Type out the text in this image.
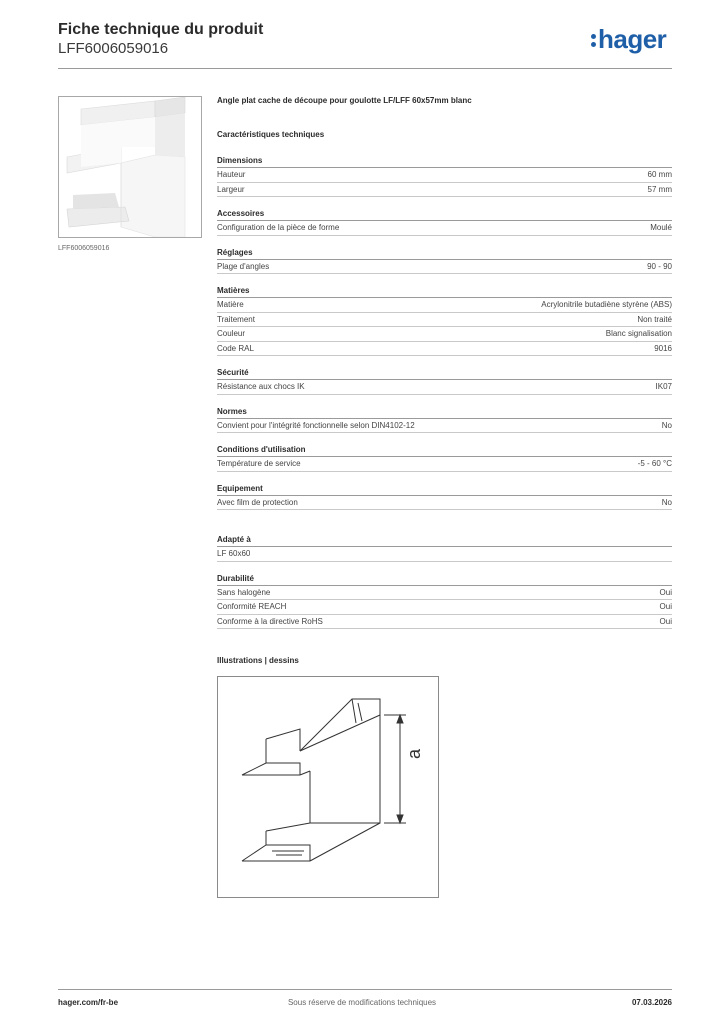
Fiche technique du produit
LFF6006059016	hager
LFF6006059016
Angle plat cache de découpe pour goulotte LF/LFF 60x57mm blanc
Caractéristiques techniques
Dimensions
Hauteur	60 mm
Largeur	57 mm
Accessoires
Configuration de la pièce de forme	Moulé
Réglages
Plage d'angles	90 - 90
Matières
Matière	Acrylonitrile butadiène styrène (ABS)
Traitement	Non traité
Couleur	Blanc signalisation
Code RAL	9016
Sécurité
Résistance aux chocs IK	IK07
Normes
Convient pour l'intégrité fonctionnelle selon DIN4102-12	No
Conditions d'utilisation
Température de service	-5 - 60 °C
Equipement
Avec film de protection	No
Adapté à
LF 60x60
Durabilité
Sans halogène	Oui
Conformité REACH	Oui
Conforme à la directive RoHS	Oui
Illustrations | dessins
a
hager.com/fr-be	Sous réserve de modifications techniques	07.03.2026
